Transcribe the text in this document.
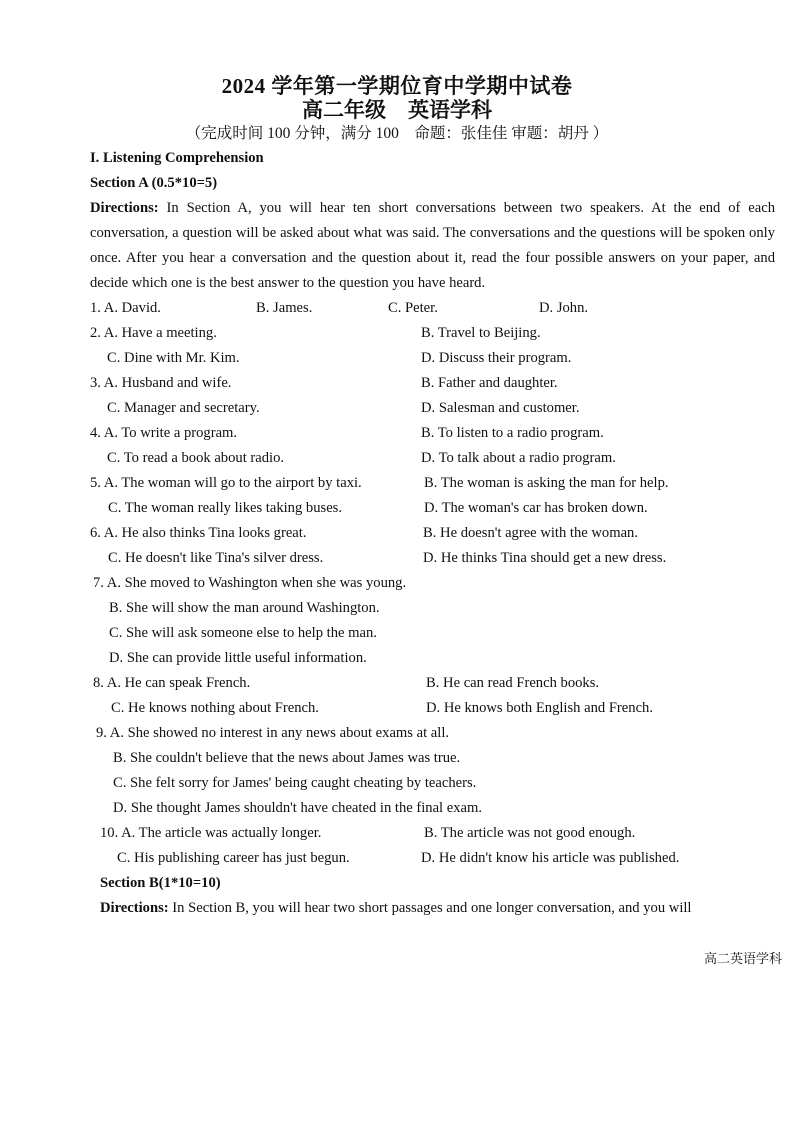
2024 学年第一学期位育中学期中试卷
高二年级 英语学科
（完成时间 100 分钟，满分 100　命题：张佳佳 审题：胡丹 ）
I. Listening Comprehension
Section A (0.5*10=5)
Directions: In Section A, you will hear ten short conversations between two speakers. At the end of each conversation, a question will be asked about what was said. The conversations and the questions will be spoken only once. After you hear a conversation and the question about it, read the four possible answers on your paper, and decide which one is the best answer to the question you have heard.
1. A. David.	B. James.	C. Peter.	D. John.
2. A. Have a meeting.	B. Travel to Beijing.
C. Dine with Mr. Kim.	D. Discuss their program.
3. A. Husband and wife.	B. Father and daughter.
C. Manager and secretary.	D. Salesman and customer.
4. A. To write a program.	B. To listen to a radio program.
C. To read a book about radio.	D. To talk about a radio program.
5. A. The woman will go to the airport by taxi.	B. The woman is asking the man for help.
C. The woman really likes taking buses.	D. The woman's car has broken down.
6. A. He also thinks Tina looks great.	B. He doesn't agree with the woman.
C. He doesn't like Tina's silver dress.	D. He thinks Tina should get a new dress.
7. A. She moved to Washington when she was young.
B. She will show the man around Washington.
C. She will ask someone else to help the man.
D. She can provide little useful information.
8. A. He can speak French.	B. He can read French books.
C. He knows nothing about French.	D. He knows both English and French.
9. A. She showed no interest in any news about exams at all.
B. She couldn't believe that the news about James was true.
C. She felt sorry for James' being caught cheating by teachers.
D. She thought James shouldn't have cheated in the final exam.
10. A. The article was actually longer.	B. The article was not good enough.
C. His publishing career has just begun.	D. He didn't know his article was published.
Section B(1*10=10)
Directions: In Section B, you will hear two short passages and one longer conversation, and you will
高二英语学科
